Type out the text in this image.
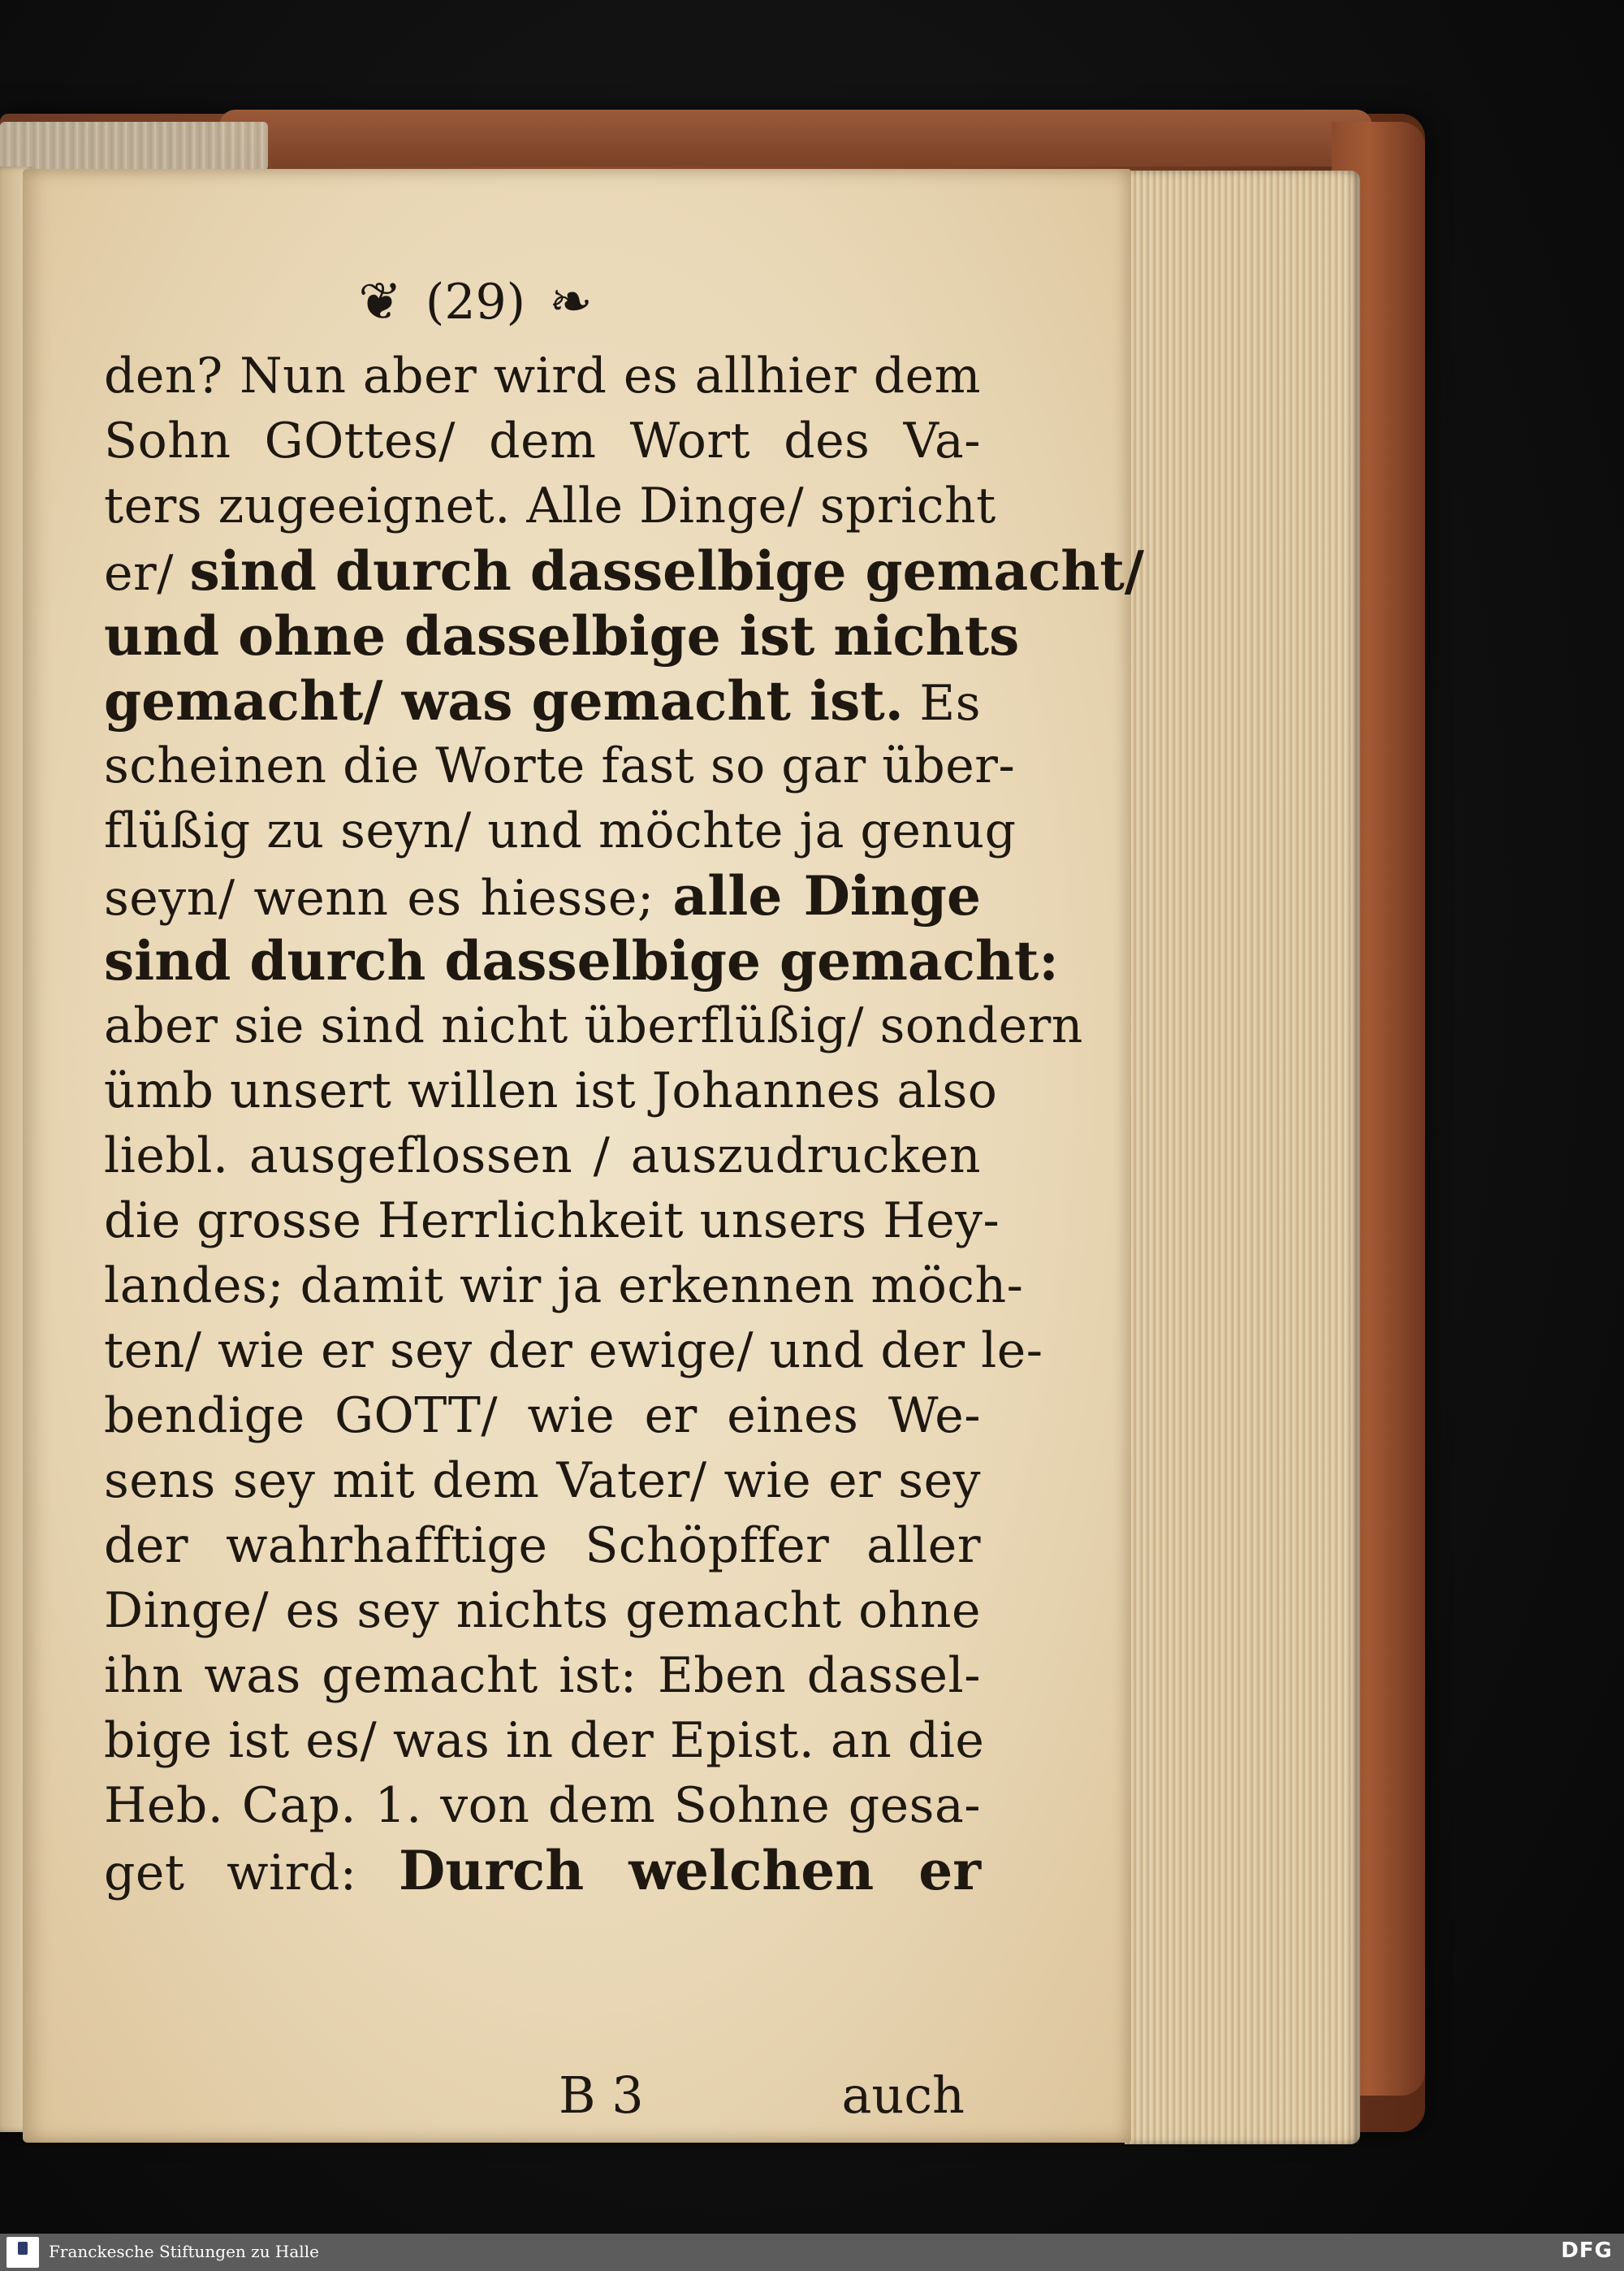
❦ (29) ❧
den? Nun aber wird es allhier dem
Sohn GOttes/ dem Wort des Va-
ters zugeeignet. Alle Dinge/ spricht
er/ sind durch dasselbige gemacht/
und ohne dasselbige ist nichts
gemacht/ was gemacht ist. Es
scheinen die Worte fast so gar über-
flüßig zu seyn/ und möchte ja genug
seyn/ wenn es hiesse; alle Dinge
sind durch dasselbige gemacht:
aber sie sind nicht überflüßig/ sondern
ümb unsert willen ist Johannes also
liebl. ausgeflossen / auszudrucken
die grosse Herrlichkeit unsers Hey-
landes; damit wir ja erkennen möch-
ten/ wie er sey der ewige/ und der le-
bendige GOTT/ wie er eines We-
sens sey mit dem Vater/ wie er sey
der wahrhafftige Schöpffer aller
Dinge/ es sey nichts gemacht ohne
ihn was gemacht ist: Eben dassel-
bige ist es/ was in der Epist. an die
Heb. Cap. 1. von dem Sohne gesa-
get wird: Durch welchen er
B 3	auch
Franckesche Stiftungen zu Halle	DFG
